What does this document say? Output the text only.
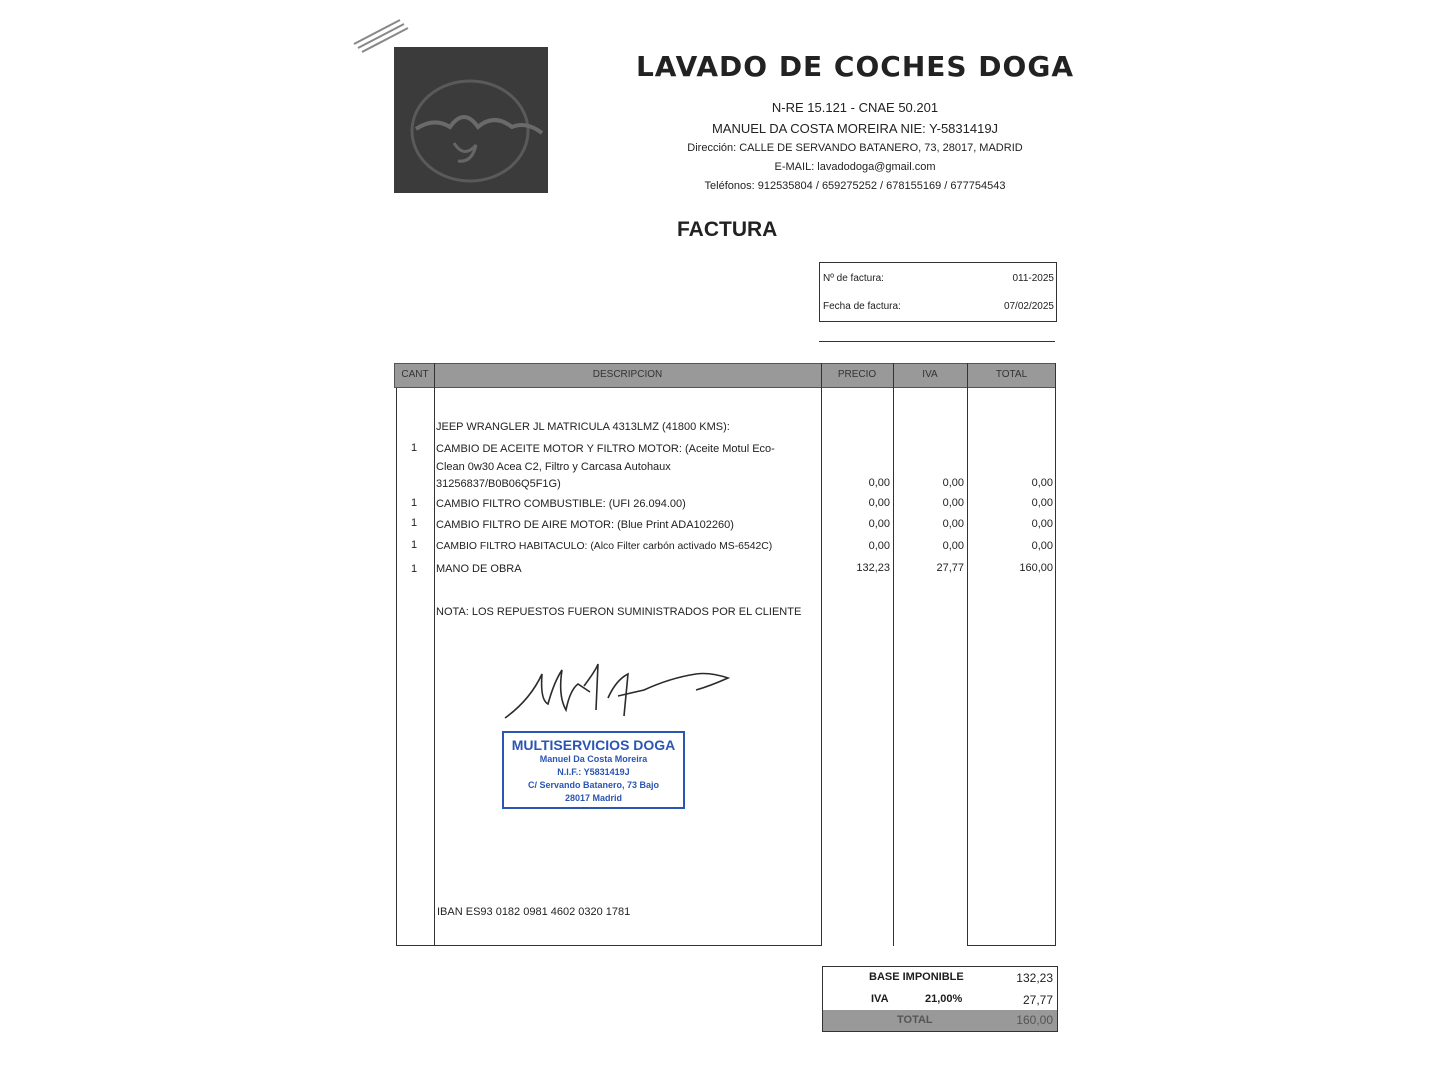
LAVADO DE COCHES DOGA
N-RE 15.121 - CNAE 50.201
MANUEL DA COSTA MOREIRA NIE: Y-5831419J
Dirección: CALLE DE SERVANDO BATANERO, 73, 28017, MADRID
E-MAIL: lavadodoga@gmail.com
Teléfonos: 912535804 / 659275252 / 678155169 / 677754543
FACTURA
Nº de factura:	011-2025
Fecha de factura:	07/02/2025
CANT	DESCRIPCION	PRECIO	IVA	TOTAL
JEEP WRANGLER JL MATRICULA 4313LMZ (41800 KMS):
1 CAMBIO DE ACEITE MOTOR Y FILTRO MOTOR: (Aceite Motul Eco-
Clean 0w30 Acea C2, Filtro y Carcasa Autohaux
31256837/B0B06Q5F1G)	0,00	0,00	0,00
1 CAMBIO FILTRO COMBUSTIBLE: (UFI 26.094.00)	0,00	0,00	0,00
1 CAMBIO FILTRO DE AIRE MOTOR: (Blue Print ADA102260)	0,00	0,00	0,00
1 CAMBIO FILTRO HABITACULO: (Alco Filter carbón activado MS-6542C)	0,00	0,00	0,00
1 MANO DE OBRA	132,23	27,77	160,00
NOTA: LOS REPUESTOS FUERON SUMINISTRADOS POR EL CLIENTE
MULTISERVICIOS DOGA
Manuel Da Costa Moreira
N.I.F.: Y5831419J
C/ Servando Batanero, 73 Bajo
28017 Madrid
IBAN ES93 0182 0981 4602 0320 1781
BASE IMPONIBLE	132,23
IVA	21,00%	27,77
TOTAL	160,00
